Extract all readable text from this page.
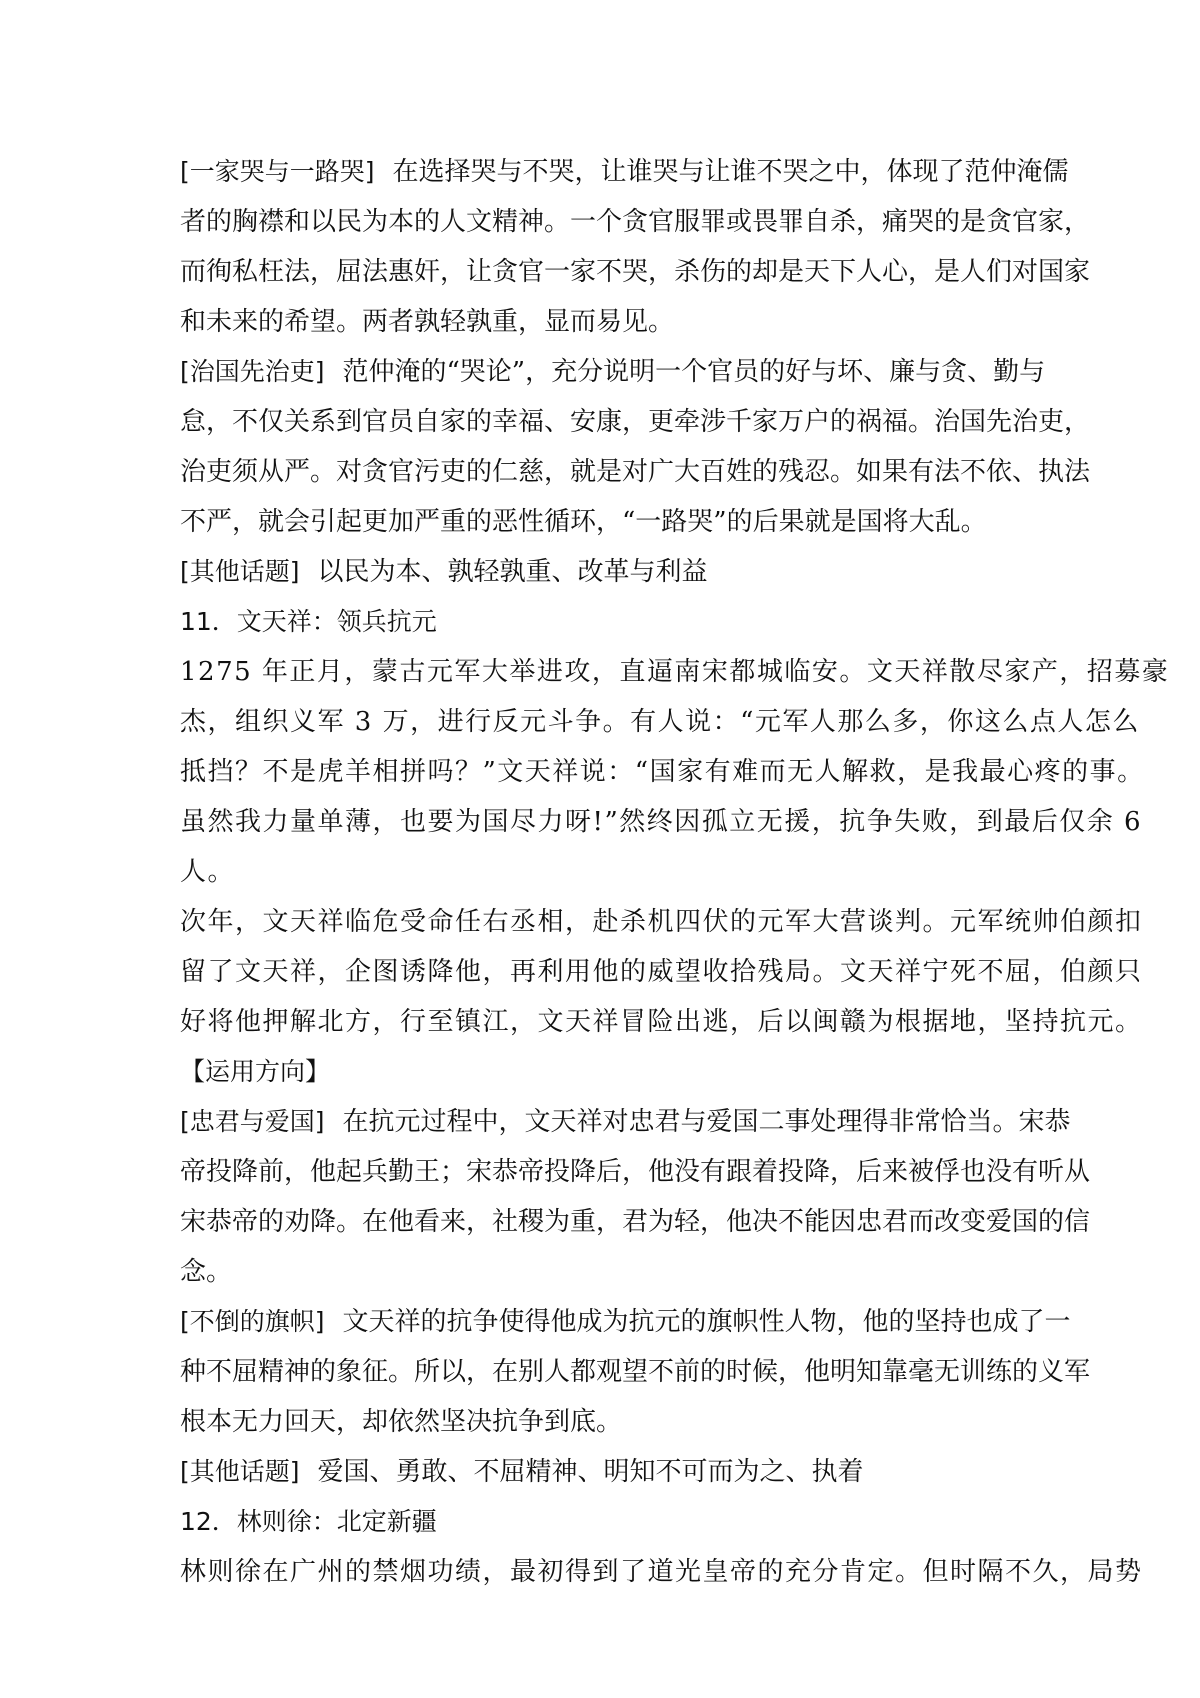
[一家哭与一路哭] 在选择哭与不哭，让谁哭与让谁不哭之中，体现了范仲淹儒
者的胸襟和以民为本的人文精神。一个贪官服罪或畏罪自杀，痛哭的是贪官家，
而徇私枉法，屈法惠奸，让贪官一家不哭，杀伤的却是天下人心，是人们对国家
和未来的希望。两者孰轻孰重，显而易见。
[治国先治吏] 范仲淹的“哭论”，充分说明一个官员的好与坏、廉与贪、勤与
怠，不仅关系到官员自家的幸福、安康，更牵涉千家万户的祸福。治国先治吏，
治吏须从严。对贪官污吏的仁慈，就是对广大百姓的残忍。如果有法不依、执法
不严，就会引起更加严重的恶性循环，“一路哭”的后果就是国将大乱。
[其他话题] 以民为本、孰轻孰重、改革与利益
11．文天祥：领兵抗元
1275 年正月，蒙古元军大举进攻，直逼南宋都城临安。文天祥散尽家产，招募豪
杰，组织义军 3 万，进行反元斗争。有人说：“元军人那么多，你这么点人怎么
抵挡？不是虎羊相拼吗？”文天祥说：“国家有难而无人解救，是我最心疼的事。
虽然我力量单薄，也要为国尽力呀!”然终因孤立无援，抗争失败，到最后仅余 6
人。
次年，文天祥临危受命任右丞相，赴杀机四伏的元军大营谈判。元军统帅伯颜扣
留了文天祥，企图诱降他，再利用他的威望收拾残局。文天祥宁死不屈，伯颜只
好将他押解北方，行至镇江，文天祥冒险出逃，后以闽赣为根据地，坚持抗元。
【运用方向】
[忠君与爱国] 在抗元过程中，文天祥对忠君与爱国二事处理得非常恰当。宋恭
帝投降前，他起兵勤王；宋恭帝投降后，他没有跟着投降，后来被俘也没有听从
宋恭帝的劝降。在他看来，社稷为重，君为轻，他决不能因忠君而改变爱国的信
念。
[不倒的旗帜] 文天祥的抗争使得他成为抗元的旗帜性人物，他的坚持也成了一
种不屈精神的象征。所以，在别人都观望不前的时候，他明知靠毫无训练的义军
根本无力回天，却依然坚决抗争到底。
[其他话题] 爱国、勇敢、不屈精神、明知不可而为之、执着
12．林则徐：北定新疆
林则徐在广州的禁烟功绩，最初得到了道光皇帝的充分肯定。但时隔不久，局势
